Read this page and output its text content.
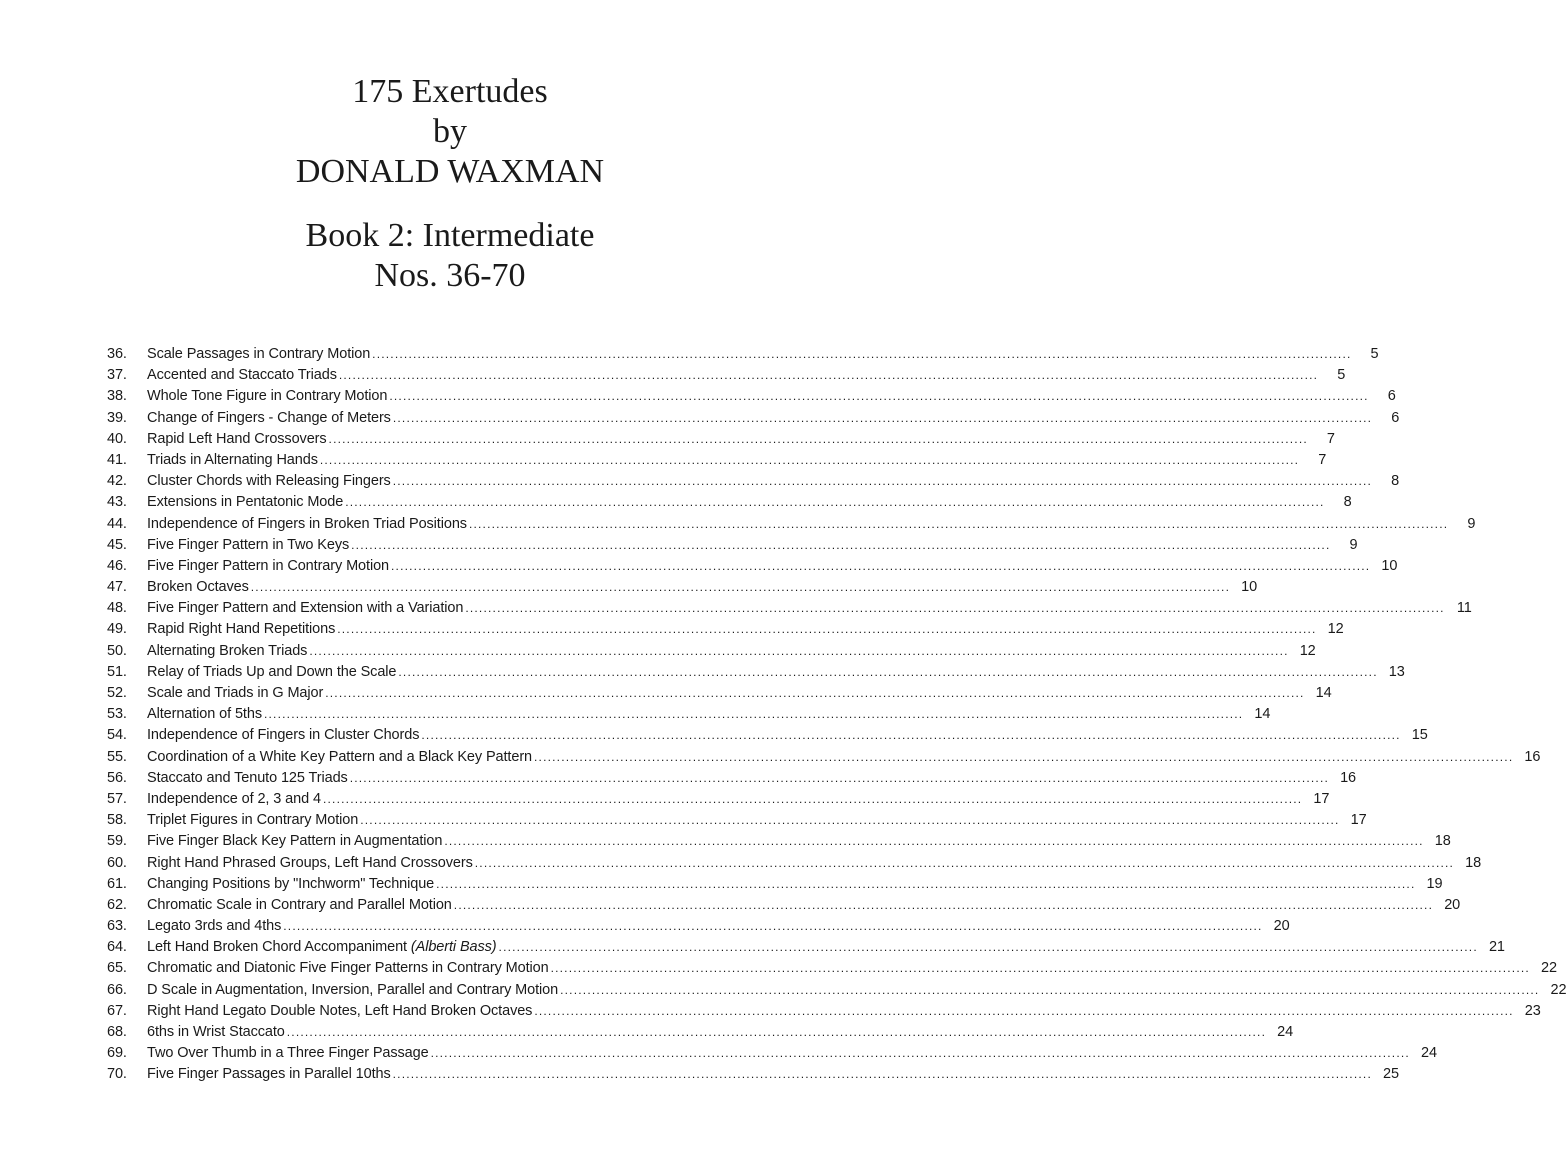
175 Exertudes

by

DONALD WAXMAN

Book 2: Intermediate

Nos. 36-70

36.	Scale Passages in Contrary Motion .....	5
37.	Accented and Staccato Triads .....	5
38.	Whole Tone Figure in Contrary Motion .....	6
39.	Change of Fingers - Change of Meters .....	6
40.	Rapid Left Hand Crossovers .....	7
41.	Triads in Alternating Hands .....	7
42.	Cluster Chords with Releasing Fingers .....	8
43.	Extensions in Pentatonic Mode .....	8
44.	Independence of Fingers in Broken Triad Positions .....	9
45.	Five Finger Pattern in Two Keys .....	9
46.	Five Finger Pattern in Contrary Motion .....	10
47.	Broken Octaves .....	10
48.	Five Finger Pattern and Extension with a Variation .....	11
49.	Rapid Right Hand Repetitions .....	12
50.	Alternating Broken Triads .....	12
51.	Relay of Triads Up and Down the Scale .....	13
52.	Scale and Triads in G Major .....	14
53.	Alternation of 5ths .....	14
54.	Independence of Fingers in Cluster Chords .....	15
55.	Coordination of a White Key Pattern and a Black Key Pattern .....	16
56.	Staccato and Tenuto 125 Triads .....	16
57.	Independence of 2, 3 and 4 .....	17
58.	Triplet Figures in Contrary Motion .....	17
59.	Five Finger Black Key Pattern in Augmentation .....	18
60.	Right Hand Phrased Groups, Left Hand Crossovers .....	18
61.	Changing Positions by "Inchworm" Technique .....	19
62.	Chromatic Scale in Contrary and Parallel Motion .....	20
63.	Legato 3rds and 4ths .....	20
64.	Left Hand Broken Chord Accompaniment (Alberti Bass) .....	21
65.	Chromatic and Diatonic Five Finger Patterns in Contrary Motion .....	22
66.	D Scale in Augmentation, Inversion, Parallel and Contrary Motion .....	22
67.	Right Hand Legato Double Notes, Left Hand Broken Octaves .....	23
68.	6ths in Wrist Staccato .....	24
69.	Two Over Thumb in a Three Finger Passage .....	24
70.	Five Finger Passages in Parallel 10ths .....	25
